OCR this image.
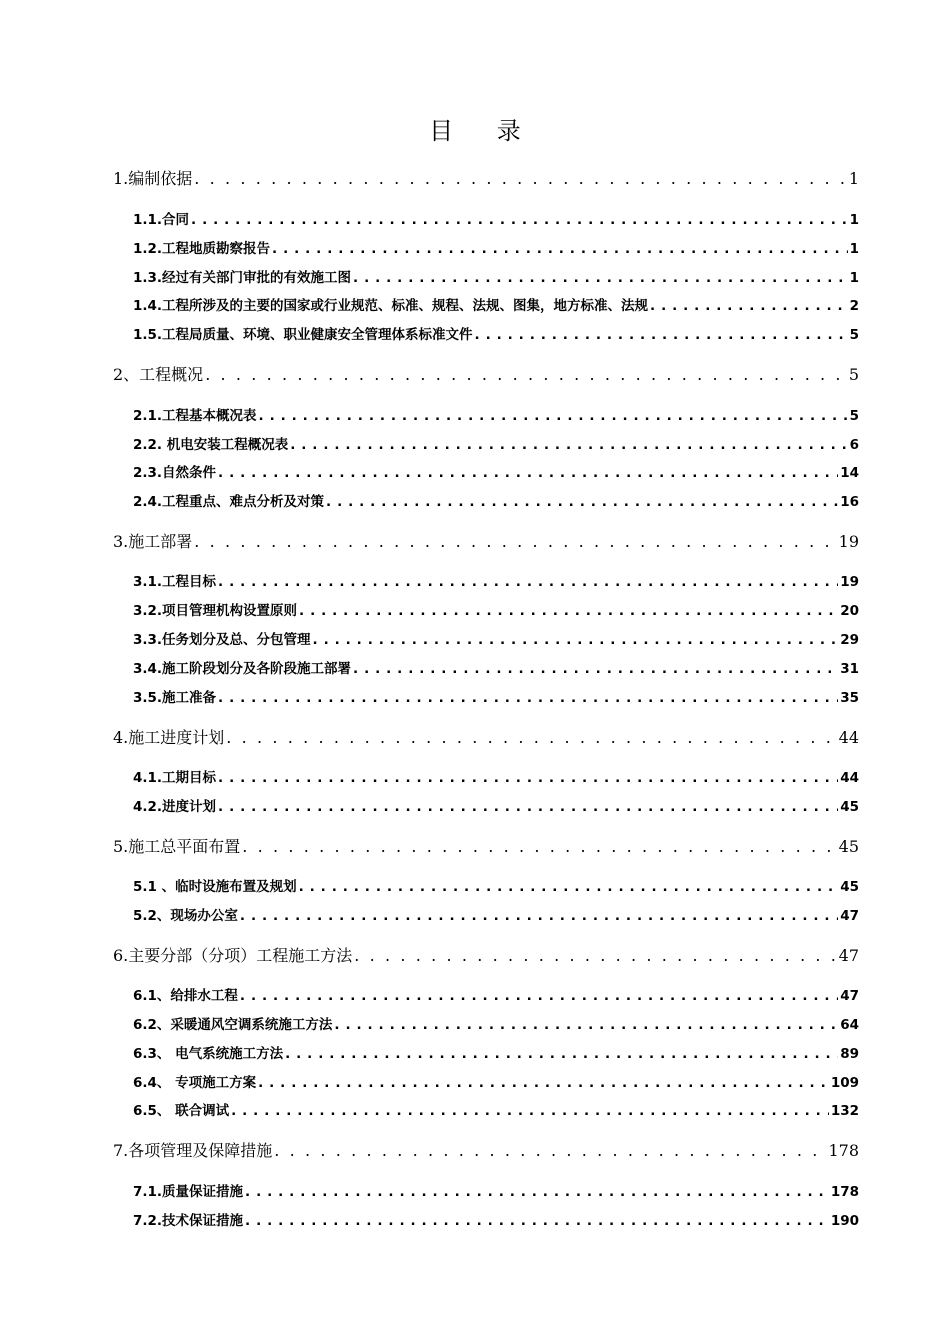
目 录
1.编制依据 . . .	1
1.1.合同 . . .	1
1.2.工程地质勘察报告 . . .	1
1.3.经过有关部门审批的有效施工图 . . .	1
1.4.工程所涉及的主要的国家或行业规范、标准、规程、法规、图集，地方标准、法规 . . .	2
1.5.工程局质量、环境、职业健康安全管理体系标准文件 . . .	5
2、工程概况 . . .	5
2.1.工程基本概况表 . . .	5
2.2. 机电安装工程概况表 . . .	6
2.3.自然条件 . . .	14
2.4.工程重点、难点分析及对策 . . .	16
3.施工部署 . . .	19
3.1.工程目标 . . .	19
3.2.项目管理机构设置原则 . . .	20
3.3.任务划分及总、分包管理 . . .	29
3.4.施工阶段划分及各阶段施工部署 . . .	31
3.5.施工准备 . . .	35
4.施工进度计划 . . .	44
4.1.工期目标 . . .	44
4.2.进度计划 . . .	45
5.施工总平面布置 . . .	45
5.1 、临时设施布置及规划 . . .	45
5.2、现场办公室 . . .	47
6.主要分部（分项）工程施工方法 . . .	47
6.1、给排水工程 . . .	47
6.2、采暖通风空调系统施工方法 . . .	64
6.3、 电气系统施工方法 . . .	89
6.4、 专项施工方案 . . .	109
6.5、 联合调试 . . .	132
7.各项管理及保障措施 . . .	178
7.1.质量保证措施 . . .	178
7.2.技术保证措施 . . .	190
